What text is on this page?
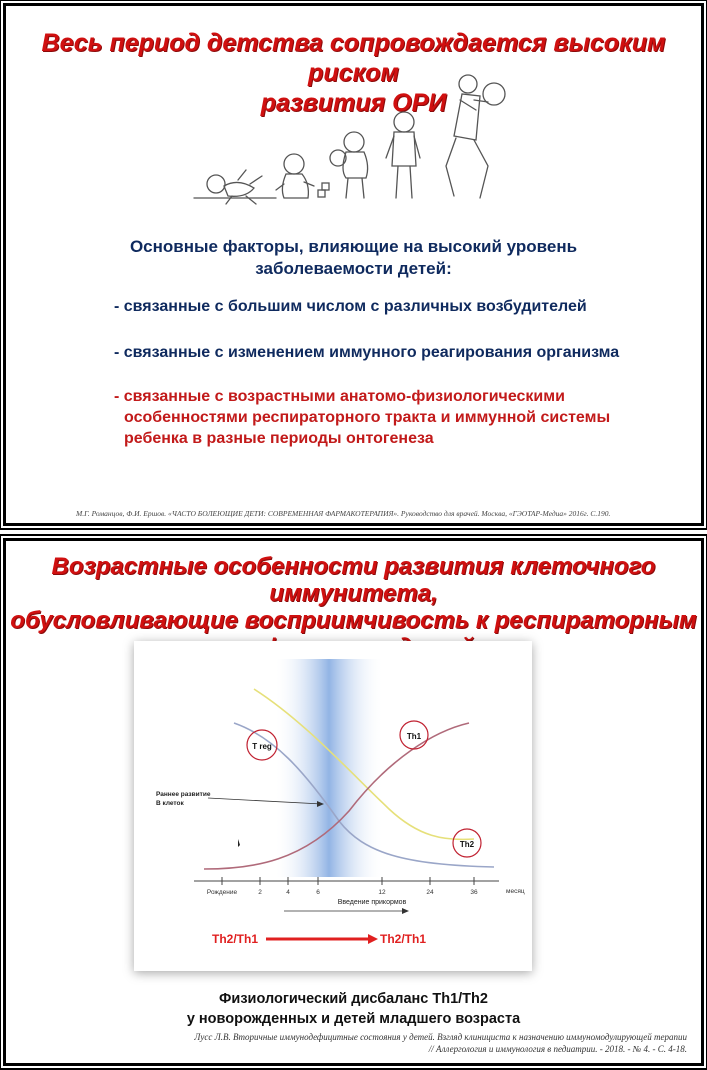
Весь период детства сопровождается высоким риском
развития ОРИ
Основные факторы, влияющие на высокий уровень
заболеваемости детей:
- связанные с большим числом с различных возбудителей
- связанные с изменением иммунного реагирования организма
- связанные с возрастными анатомо-физиологическими
особенностями респираторного тракта и иммунной системы
ребенка в разные периоды онтогенеза
М.Г. Романцов, Ф.И. Ершов. «ЧАСТО БОЛЕЮЩИЕ ДЕТИ: СОВРЕМЕННАЯ ФАРМАКОТЕРАПИЯ». Руководство для врачей. Москва, «ГЭОТАР-Медиа» 2016г. С.190.
Возрастные особенности развития клеточного иммунитета,
обусловливающие восприимчивость к респираторным
T reg
Th1
Th2
Раннее развитие В клеток
Рождение	2	4	6	12	24	36	месяц
Введение прикормов
Th2/Th1	Th2/Th1
Физиологический дисбаланс Th1/Th2
у новорожденных и детей младшего возраста
Лусс Л.В. Вторичные иммунодефицитные состояния у детей. Взгляд клинициста к назначению иммуномодулирующей терапии
// Аллергология и иммунология в педиатрии. - 2018. - № 4. - С. 4-18.
